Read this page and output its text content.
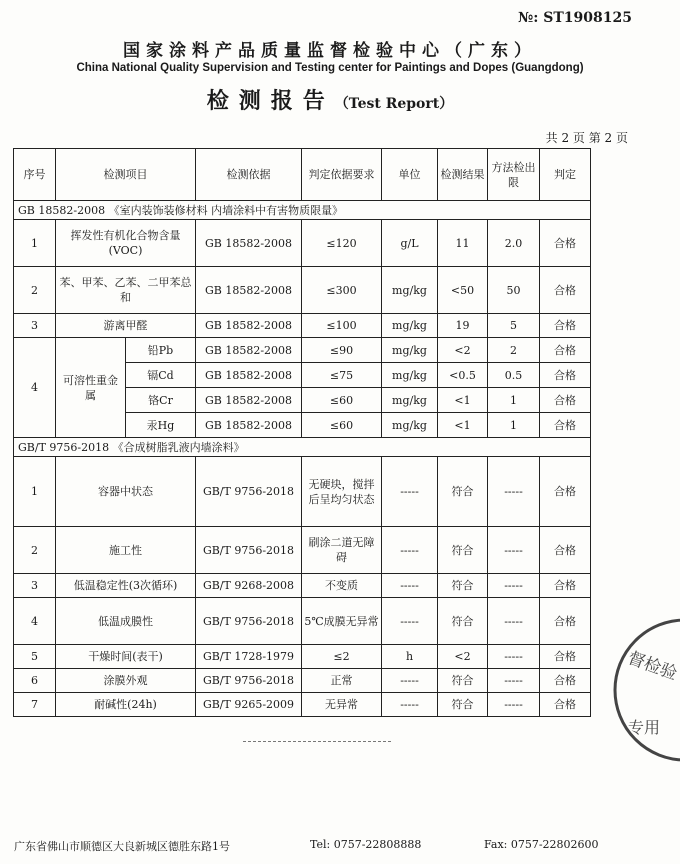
№: ST1908125
国家涂料产品质量监督检验中心（广东）
China National Quality Supervision and Testing center for Paintings and Dopes (Guangdong)
检测报告（Test Report）
共 2 页 第 2 页
序号	检测项目		检测依据	判定依据要求	单位	检测结果	方法检出限	判定
GB 18582-2008 《室内装饰装修材料 内墙涂料中有害物质限量》								
1	挥发性有机化合物含量(VOC)		GB 18582-2008	≤120	g/L	11	2.0	合格
2	苯、甲苯、乙苯、二甲苯总和		GB 18582-2008	≤300	mg/kg	<50	50	合格
3	游离甲醛		GB 18582-2008	≤100	mg/kg	19	5	合格
4	可溶性重金属	铅Pb	GB 18582-2008	≤90	mg/kg	<2	2	合格
		镉Cd	GB 18582-2008	≤75	mg/kg	<0.5	0.5	合格
		铬Cr	GB 18582-2008	≤60	mg/kg	<1	1	合格
		汞Hg	GB 18582-2008	≤60	mg/kg	<1	1	合格
GB/T 9756-2018 《合成树脂乳液内墙涂料》								
1	容器中状态		GB/T 9756-2018	无硬块，搅拌后呈均匀状态	-----	符合	-----	合格
2	施工性		GB/T 9756-2018	刷涂二道无障碍	-----	符合	-----	合格
3	低温稳定性(3次循环)		GB/T 9268-2008	不变质	-----	符合	-----	合格
4	低温成膜性		GB/T 9756-2018	5℃成膜无异常	-----	符合	-----	合格
5	干燥时间(表干)		GB/T 1728-1979	≤2	h	<2	-----	合格
6	涂膜外观		GB/T 9756-2018	正常	-----	符合	-----	合格
7	耐碱性(24h)		GB/T 9265-2009	无异常	-----	符合	-----	合格
督检验
专用
广东省佛山市顺德区大良新城区德胜东路1号	Tel: 0757-22808888	Fax: 0757-22802600
